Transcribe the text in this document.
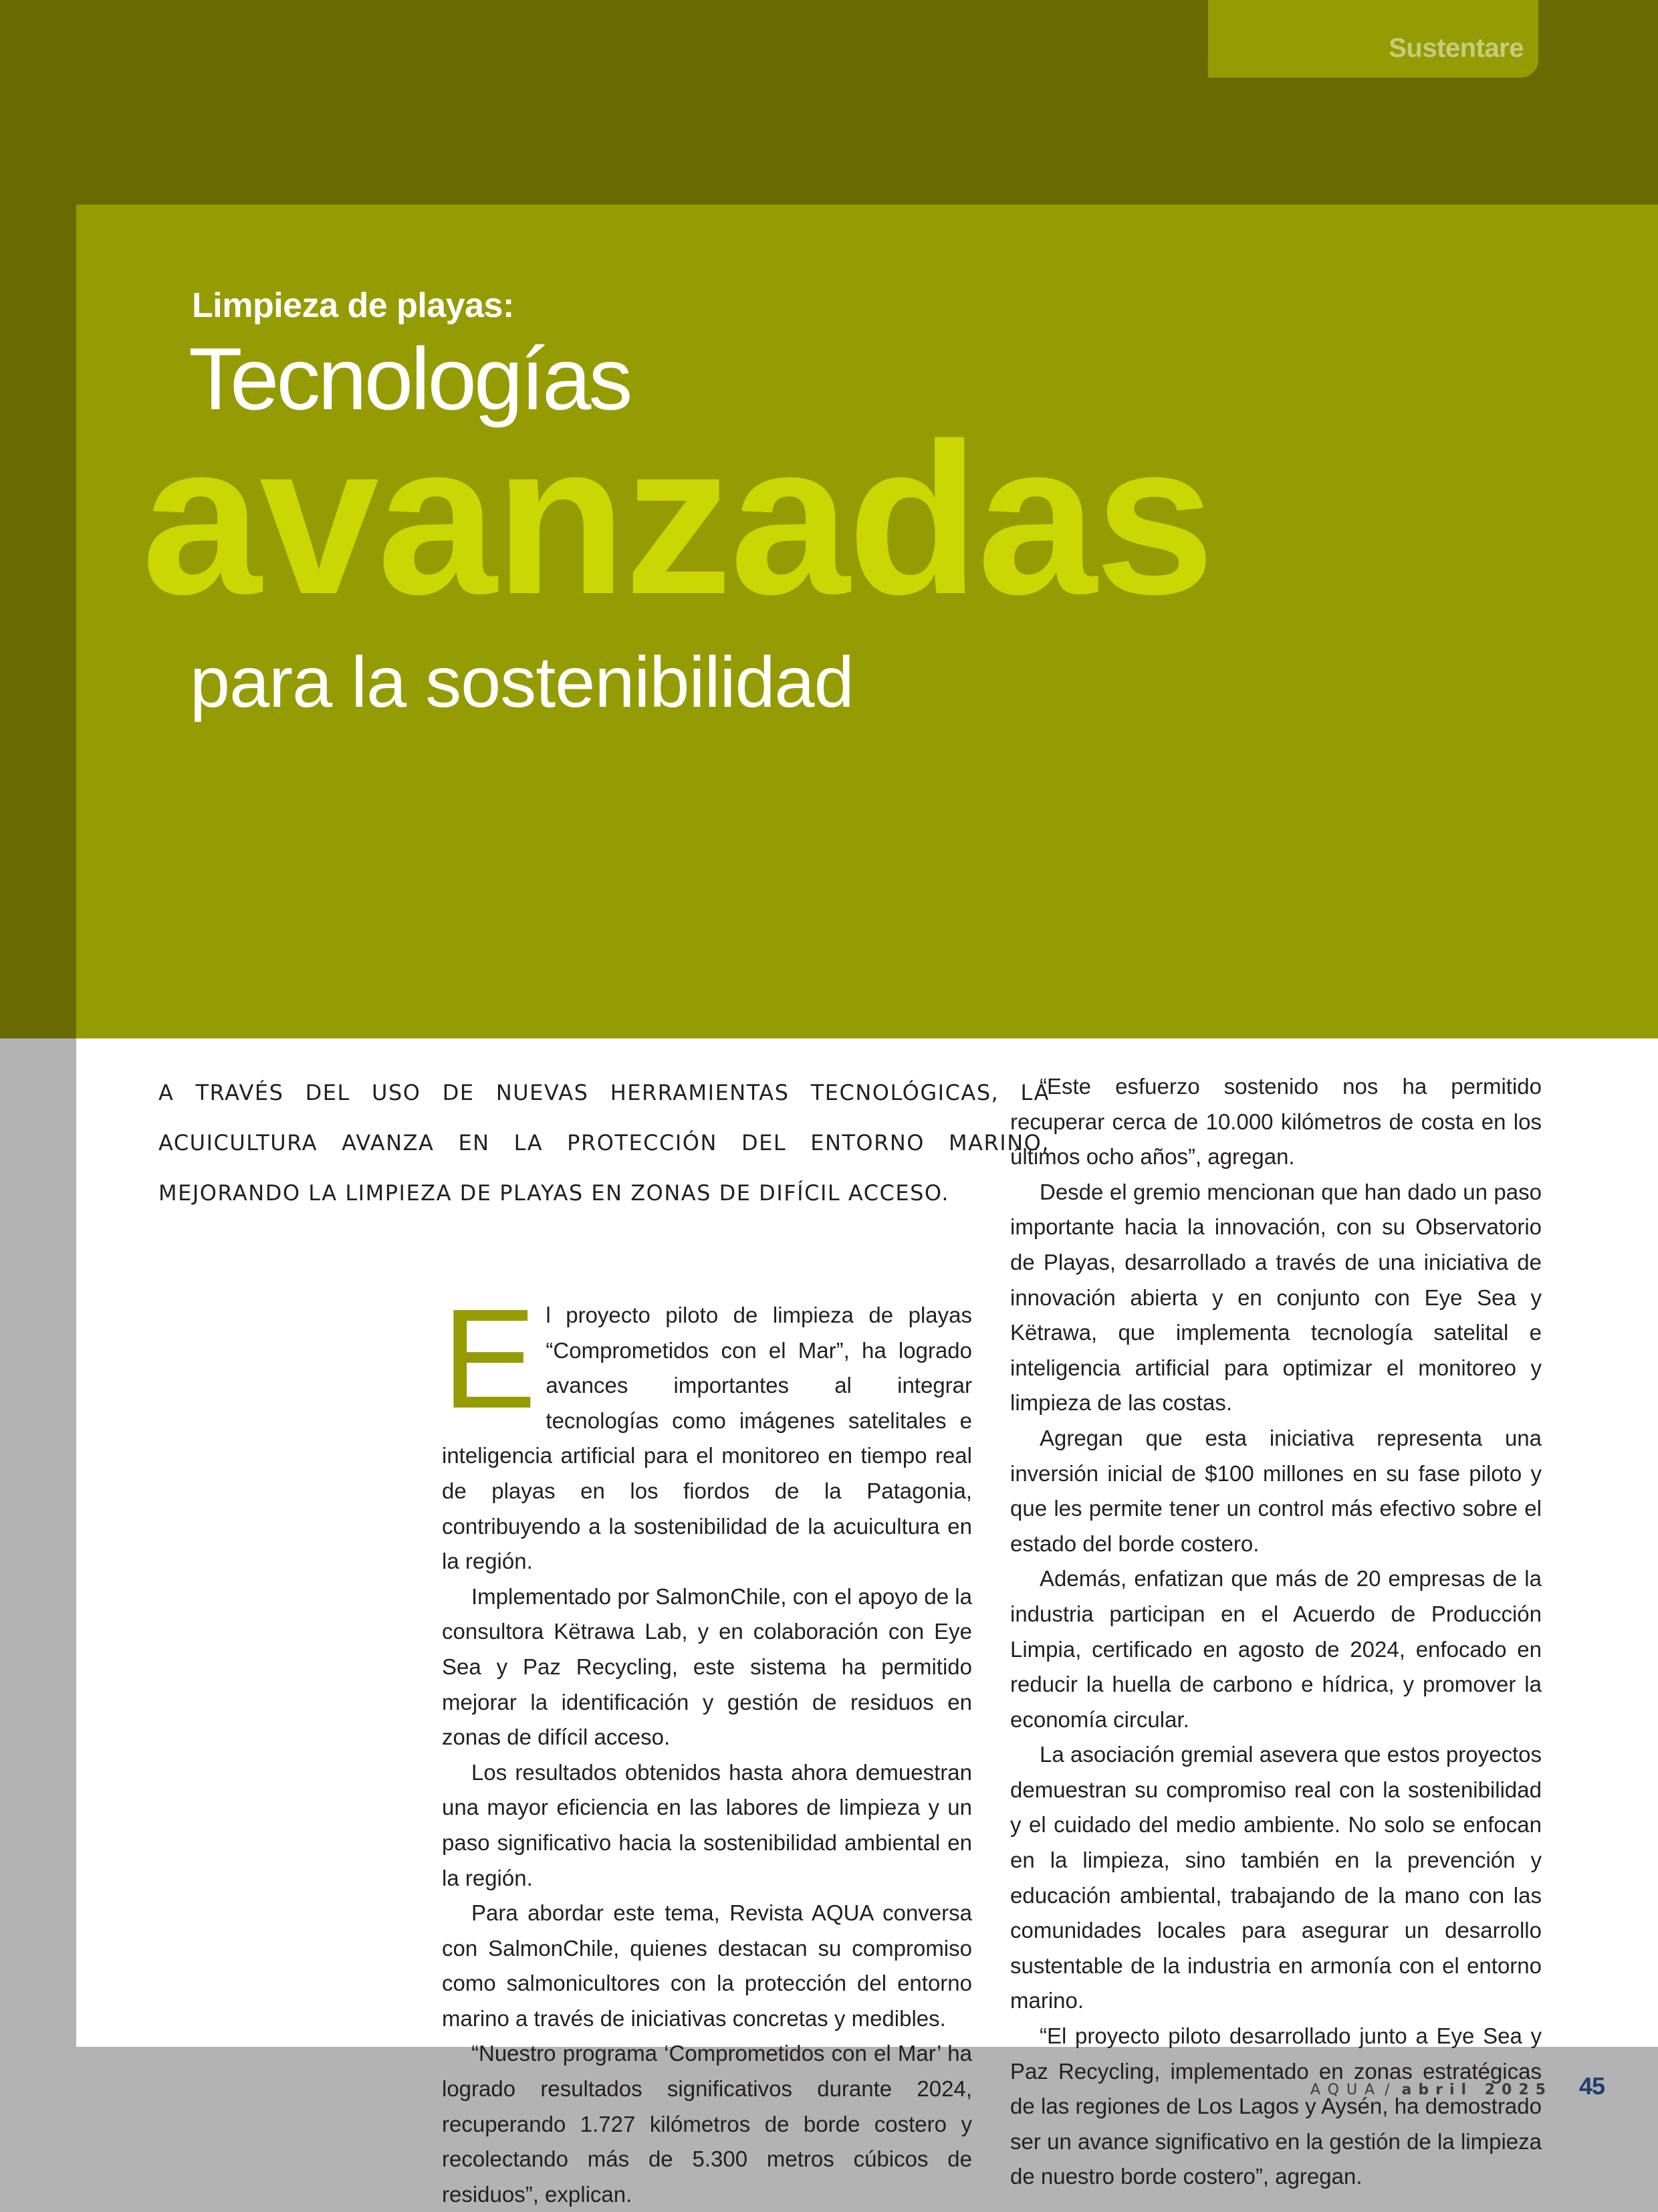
Sustentare
Limpieza de playas:
Tecnologías
avanzadas
para la sostenibilidad

A TRAVÉS DEL USO DE NUEVAS HERRAMIENTAS TECNOLÓGICAS, LA ACUICULTURA AVANZA EN LA PROTECCIÓN DEL ENTORNO MARINO, MEJORANDO LA LIMPIEZA DE PLAYAS EN ZONAS DE DIFÍCIL ACCESO.

El proyecto piloto de limpieza de playas “Comprometidos con el Mar”, ha logrado avances importantes al integrar tecnologías como imágenes satelitales e inteligencia artificial para el monitoreo en tiempo real de playas en los fiordos de la Patagonia, contribuyendo a la sostenibilidad de la acuicultura en la región.

Implementado por SalmonChile, con el apoyo de la consultora Këtrawa Lab, y en colaboración con Eye Sea y Paz Recycling, este sistema ha permitido mejorar la identificación y gestión de residuos en zonas de difícil acceso.

Los resultados obtenidos hasta ahora demuestran una mayor eficiencia en las labores de limpieza y un paso significativo hacia la sostenibilidad ambiental en la región.

Para abordar este tema, Revista AQUA conversa con SalmonChile, quienes destacan su compromiso como salmonicultores con la protección del entorno marino a través de iniciativas concretas y medibles.

“Nuestro programa ‘Comprometidos con el Mar’ ha logrado resultados significativos durante 2024, recuperando 1.727 kilómetros de borde costero y recolectando más de 5.300 metros cúbicos de residuos”, explican.

“Este esfuerzo sostenido nos ha permitido recuperar cerca de 10.000 kilómetros de costa en los últimos ocho años”, agregan.

Desde el gremio mencionan que han dado un paso importante hacia la innovación, con su Observatorio de Playas, desarrollado a través de una iniciativa de innovación abierta y en conjunto con Eye Sea y Këtrawa, que implementa tecnología satelital e inteligencia artificial para optimizar el monitoreo y limpieza de las costas.

Agregan que esta iniciativa representa una inversión inicial de $100 millones en su fase piloto y que les permite tener un control más efectivo sobre el estado del borde costero.

Además, enfatizan que más de 20 empresas de la industria participan en el Acuerdo de Producción Limpia, certificado en agosto de 2024, enfocado en reducir la huella de carbono e hídrica, y promover la economía circular.

La asociación gremial asevera que estos proyectos demuestran su compromiso real con la sostenibilidad y el cuidado del medio ambiente. No solo se enfocan en la limpieza, sino también en la prevención y educación ambiental, trabajando de la mano con las comunidades locales para asegurar un desarrollo sustentable de la industria en armonía con el entorno marino.

“El proyecto piloto desarrollado junto a Eye Sea y Paz Recycling, implementado en zonas estratégicas de las regiones de Los Lagos y Aysén, ha demostrado ser un avance significativo en la gestión de la limpieza de nuestro borde costero”, agregan.

AQUA / abril 2025 45
